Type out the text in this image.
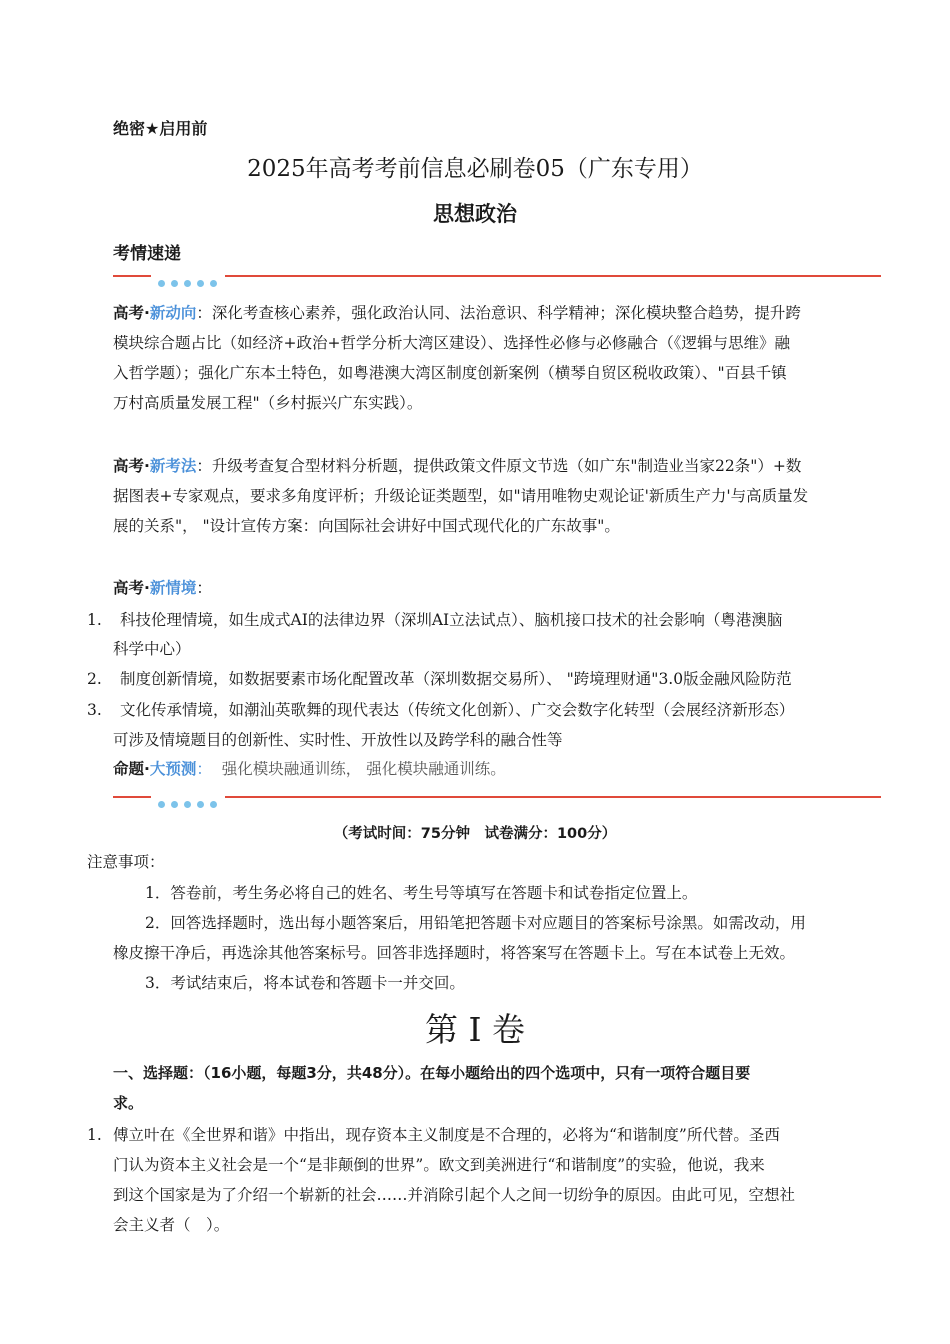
绝密★启用前
2025年高考考前信息必刷卷05（广东专用）
思想政治
考情速递
高考·新动向：深化考查核心素养，强化政治认同、法治意识、科学精神；深化模块整合趋势，提升跨
模块综合题占比（如经济+政治+哲学分析大湾区建设）、选择性必修与必修融合（《逻辑与思维》融
入哲学题）；强化广东本土特色，如粤港澳大湾区制度创新案例（横琴自贸区税收政策）、"百县千镇
万村高质量发展工程"（乡村振兴广东实践）。
高考·新考法：升级考查复合型材料分析题，提供政策文件原文节选（如广东"制造业当家22条"）+数
据图表+专家观点，要求多角度评析；升级论证类题型，如"请用唯物史观论证'新质生产力'与高质量发
展的关系"， "设计宣传方案：向国际社会讲好中国式现代化的广东故事"。
高考·新情境：
1. 科技伦理情境，如生成式AI的法律边界（深圳AI立法试点）、脑机接口技术的社会影响（粤港澳脑
科学中心）
2. 制度创新情境，如数据要素市场化配置改革（深圳数据交易所）、 "跨境理财通"3.0版金融风险防范
3. 文化传承情境，如潮汕英歌舞的现代表达（传统文化创新）、广交会数字化转型（会展经济新形态）
可涉及情境题目的创新性、实时性、开放性以及跨学科的融合性等
命题·大预测： 强化模块融通训练， 强化模块融通训练。
（考试时间：75分钟　试卷满分：100分）
注意事项：
1．答卷前，考生务必将自己的姓名、考生号等填写在答题卡和试卷指定位置上。
2．回答选择题时，选出每小题答案后，用铅笔把答题卡对应题目的答案标号涂黑。如需改动，用
橡皮擦干净后，再选涂其他答案标号。回答非选择题时，将答案写在答题卡上。写在本试卷上无效。
3．考试结束后，将本试卷和答题卡一并交回。
第 I 卷
一、选择题：（16小题，每题3分，共48分）。在每小题给出的四个选项中，只有一项符合题目要
求。
1. 傅立叶在《全世界和谐》中指出，现存资本主义制度是不合理的，必将为“和谐制度”所代替。圣西
门认为资本主义社会是一个“是非颠倒的世界”。欧文到美洲进行“和谐制度”的实验，他说，我来
到这个国家是为了介绍一个崭新的社会……并消除引起个人之间一切纷争的原因。由此可见，空想社
会主义者（　）。
